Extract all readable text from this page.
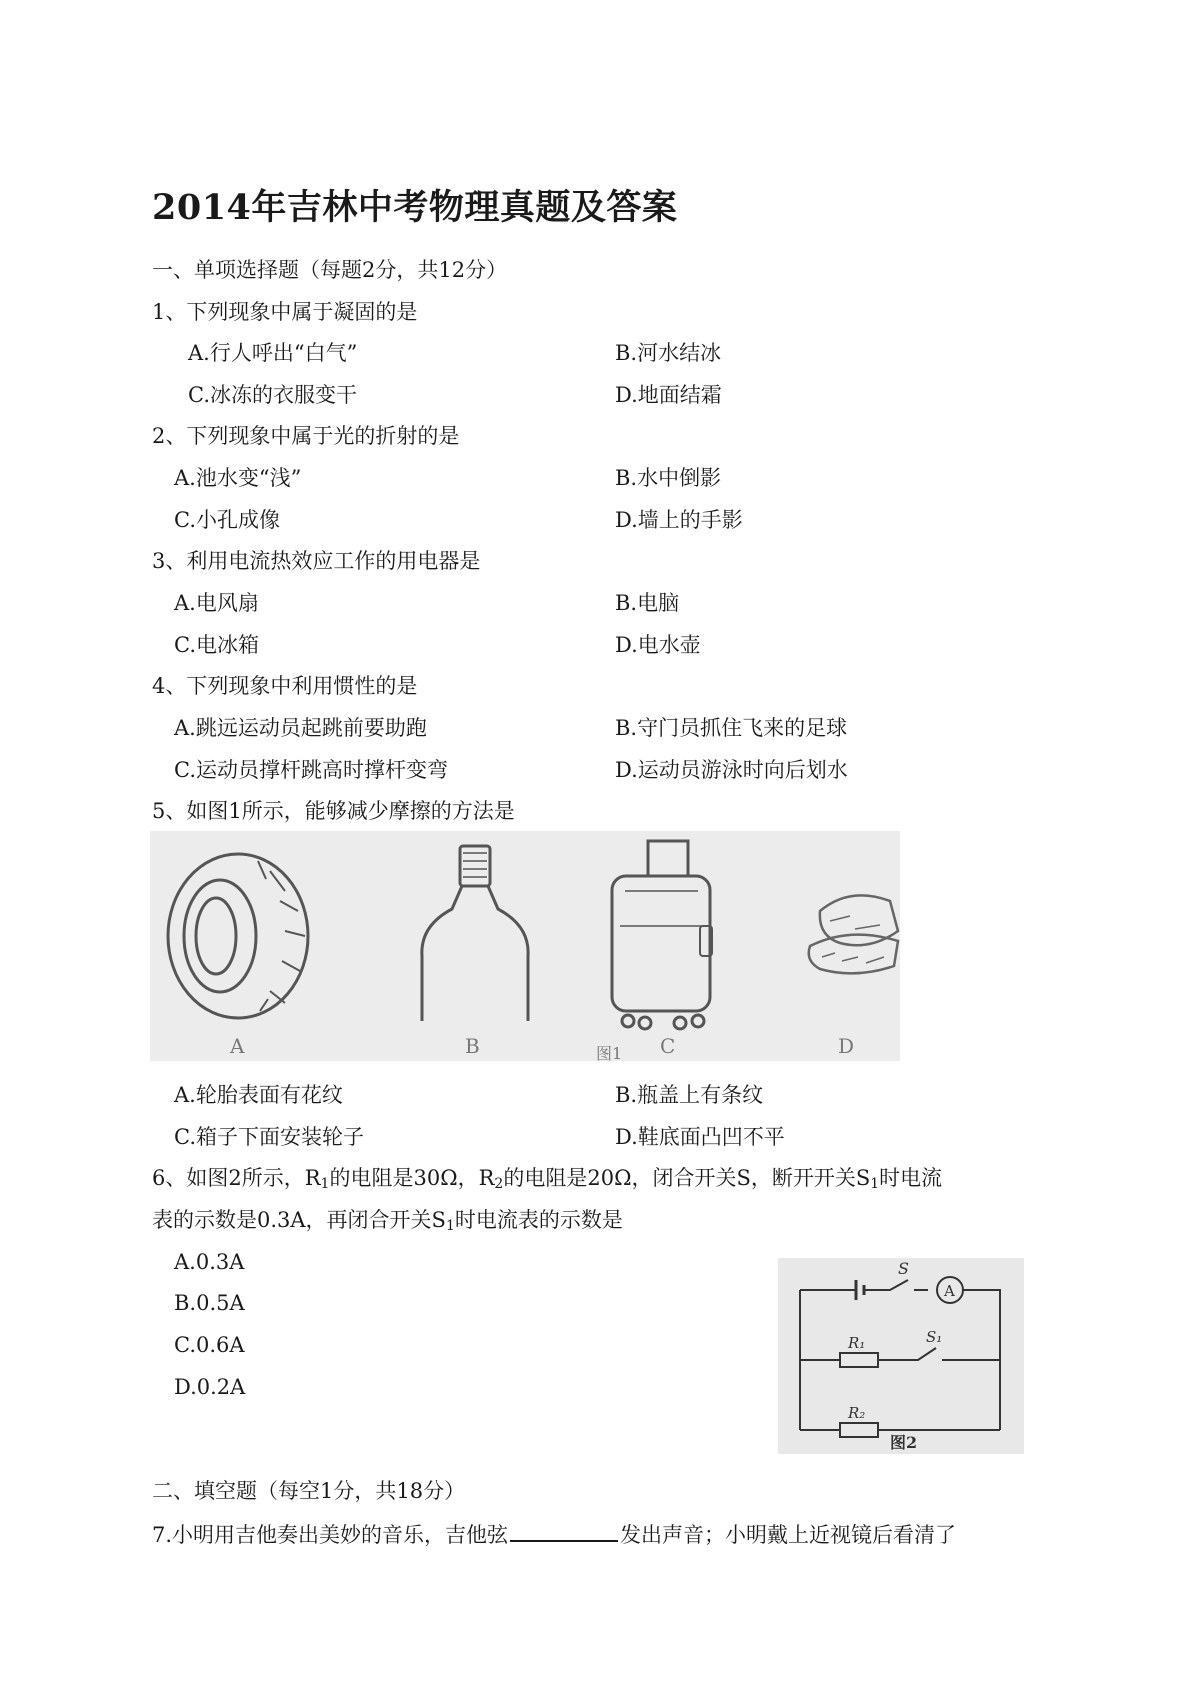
2014年吉林中考物理真题及答案
一、单项选择题（每题2分，共12分）
1、下列现象中属于凝固的是
A.行人呼出“白气”	B.河水结冰
C.冰冻的衣服变干	D.地面结霜
2、下列现象中属于光的折射的是
A.池水变“浅”	B.水中倒影
C.小孔成像	D.墙上的手影
3、利用电流热效应工作的用电器是
A.电风扇	B.电脑
C.电冰箱	D.电水壶
4、下列现象中利用惯性的是
A.跳远运动员起跳前要助跑	B.守门员抓住飞来的足球
C.运动员撑杆跳高时撑杆变弯	D.运动员游泳时向后划水
5、如图1所示，能够减少摩擦的方法是
A	B	C
图1	D
A.轮胎表面有花纹	B.瓶盖上有条纹
C.箱子下面安装轮子	D.鞋底面凸凹不平
6、如图2所示，$R_1$的电阻是30Ω，$R_2$的电阻是20Ω，闭合开关S，断开开关$S_1$时电流
表的示数是0.3A，再闭合开关$S_1$时电流表的示数是
A.0.3A
B.0.5A
C.0.6A
D.0.2A
S
A
R₁	S₁
R₂
图2
二、填空题（每空1分，共18分）
7.小明用吉他奏出美妙的音乐，吉他弦	发出声音；小明戴上近视镜后看清了
